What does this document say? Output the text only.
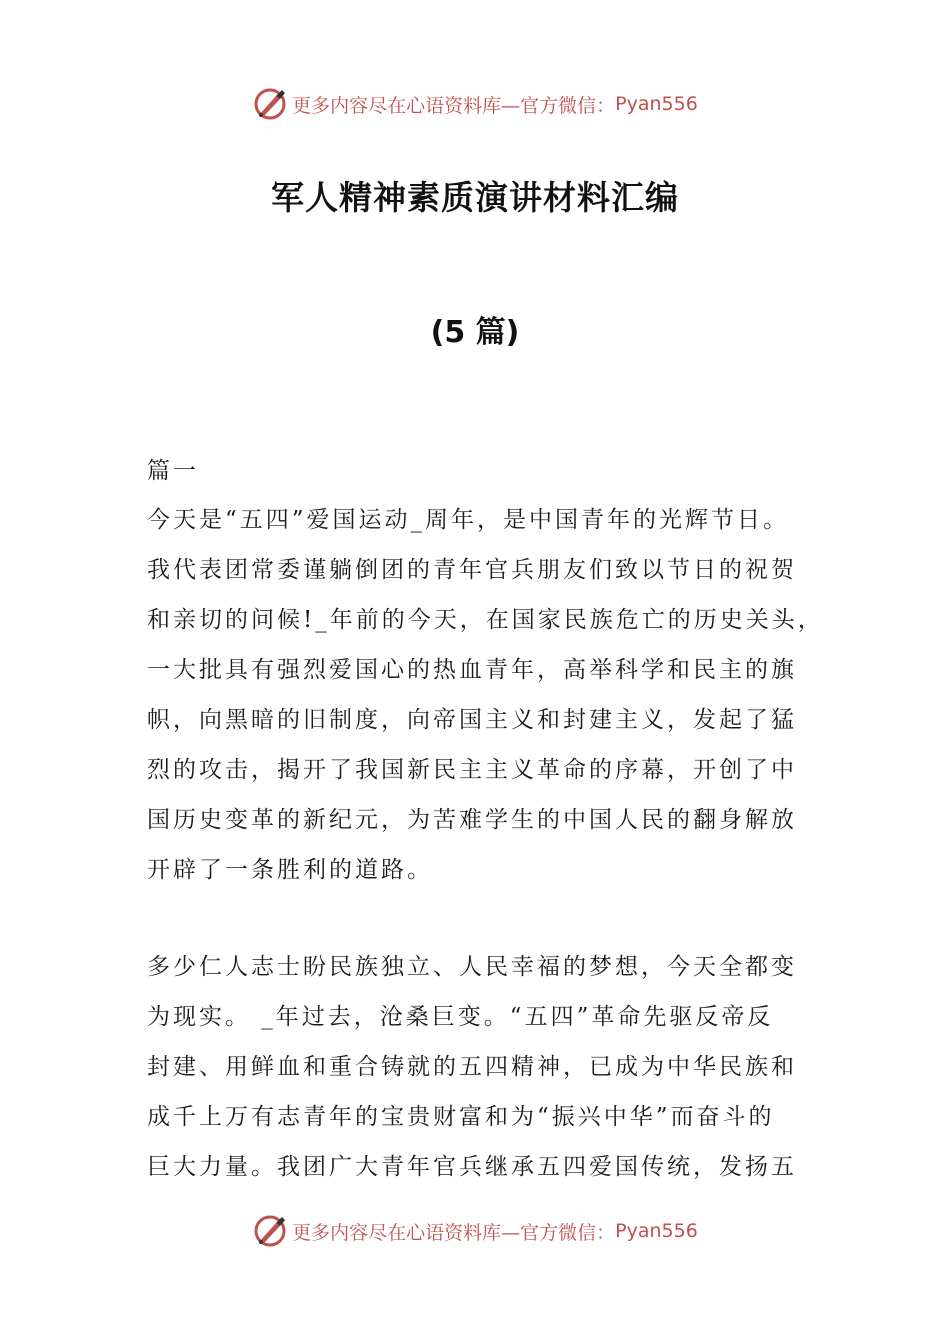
更多内容尽在心语资料库—官方微信： Pyan556
军人精神素质演讲材料汇编
(5 篇)
篇一
今天是“五四”爱国运动_周年，是中国青年的光辉节日。
我代表团常委谨躺倒团的青年官兵朋友们致以节日的祝贺
和亲切的问候!_年前的今天，在国家民族危亡的历史关头，
一大批具有强烈爱国心的热血青年，高举科学和民主的旗
帜，向黑暗的旧制度，向帝国主义和封建主义，发起了猛
烈的攻击，揭开了我国新民主主义革命的序幕，开创了中
国历史变革的新纪元，为苦难学生的中国人民的翻身解放
开辟了一条胜利的道路。
多少仁人志士盼民族独立、人民幸福的梦想，今天全都变
为现实。 _年过去，沧桑巨变。“五四”革命先驱反帝反
封建、用鲜血和重合铸就的五四精神，已成为中华民族和
成千上万有志青年的宝贵财富和为“振兴中华”而奋斗的
巨大力量。我团广大青年官兵继承五四爱国传统，发扬五
更多内容尽在心语资料库—官方微信： Pyan556
